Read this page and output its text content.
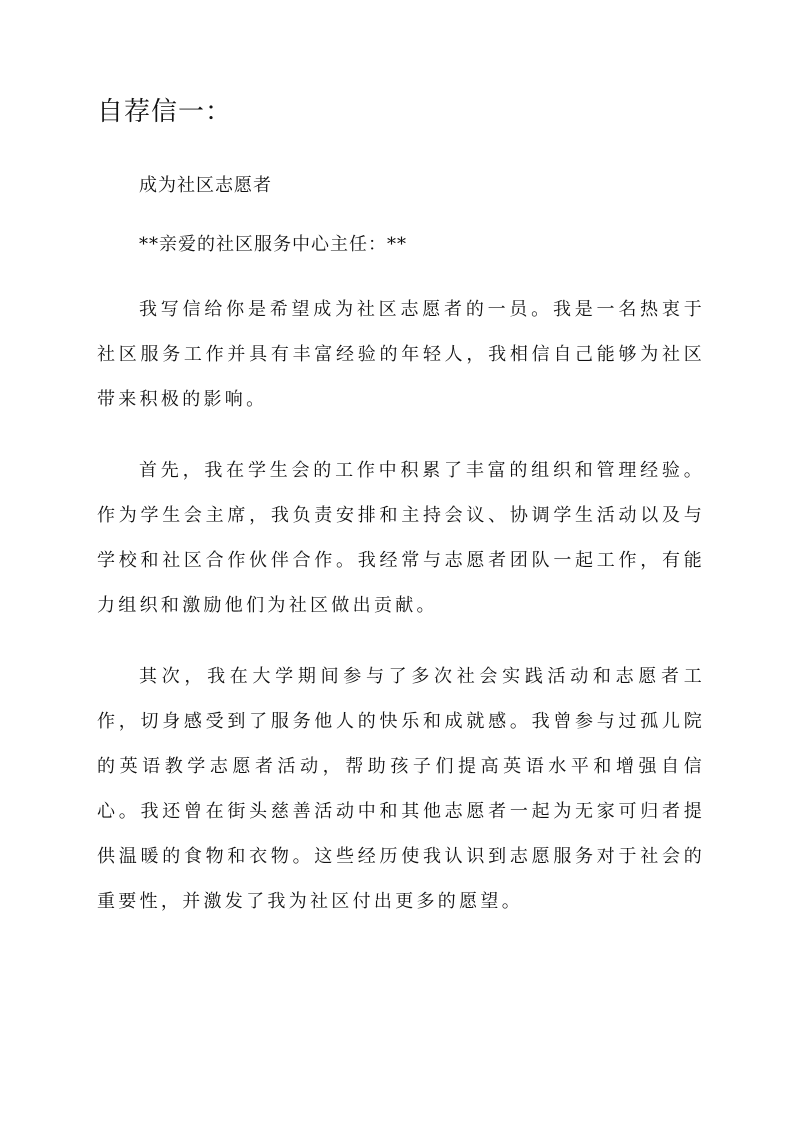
自荐信一：

成为社区志愿者

**亲爱的社区服务中心主任：**

我写信给你是希望成为社区志愿者的一员。我是一名热衷于社区服务工作并具有丰富经验的年轻人，我相信自己能够为社区带来积极的影响。

首先，我在学生会的工作中积累了丰富的组织和管理经验。作为学生会主席，我负责安排和主持会议、协调学生活动以及与学校和社区合作伙伴合作。我经常与志愿者团队一起工作，有能力组织和激励他们为社区做出贡献。

其次，我在大学期间参与了多次社会实践活动和志愿者工作，切身感受到了服务他人的快乐和成就感。我曾参与过孤儿院的英语教学志愿者活动，帮助孩子们提高英语水平和增强自信心。我还曾在街头慈善活动中和其他志愿者一起为无家可归者提供温暖的食物和衣物。这些经历使我认识到志愿服务对于社会的重要性，并激发了我为社区付出更多的愿望。
